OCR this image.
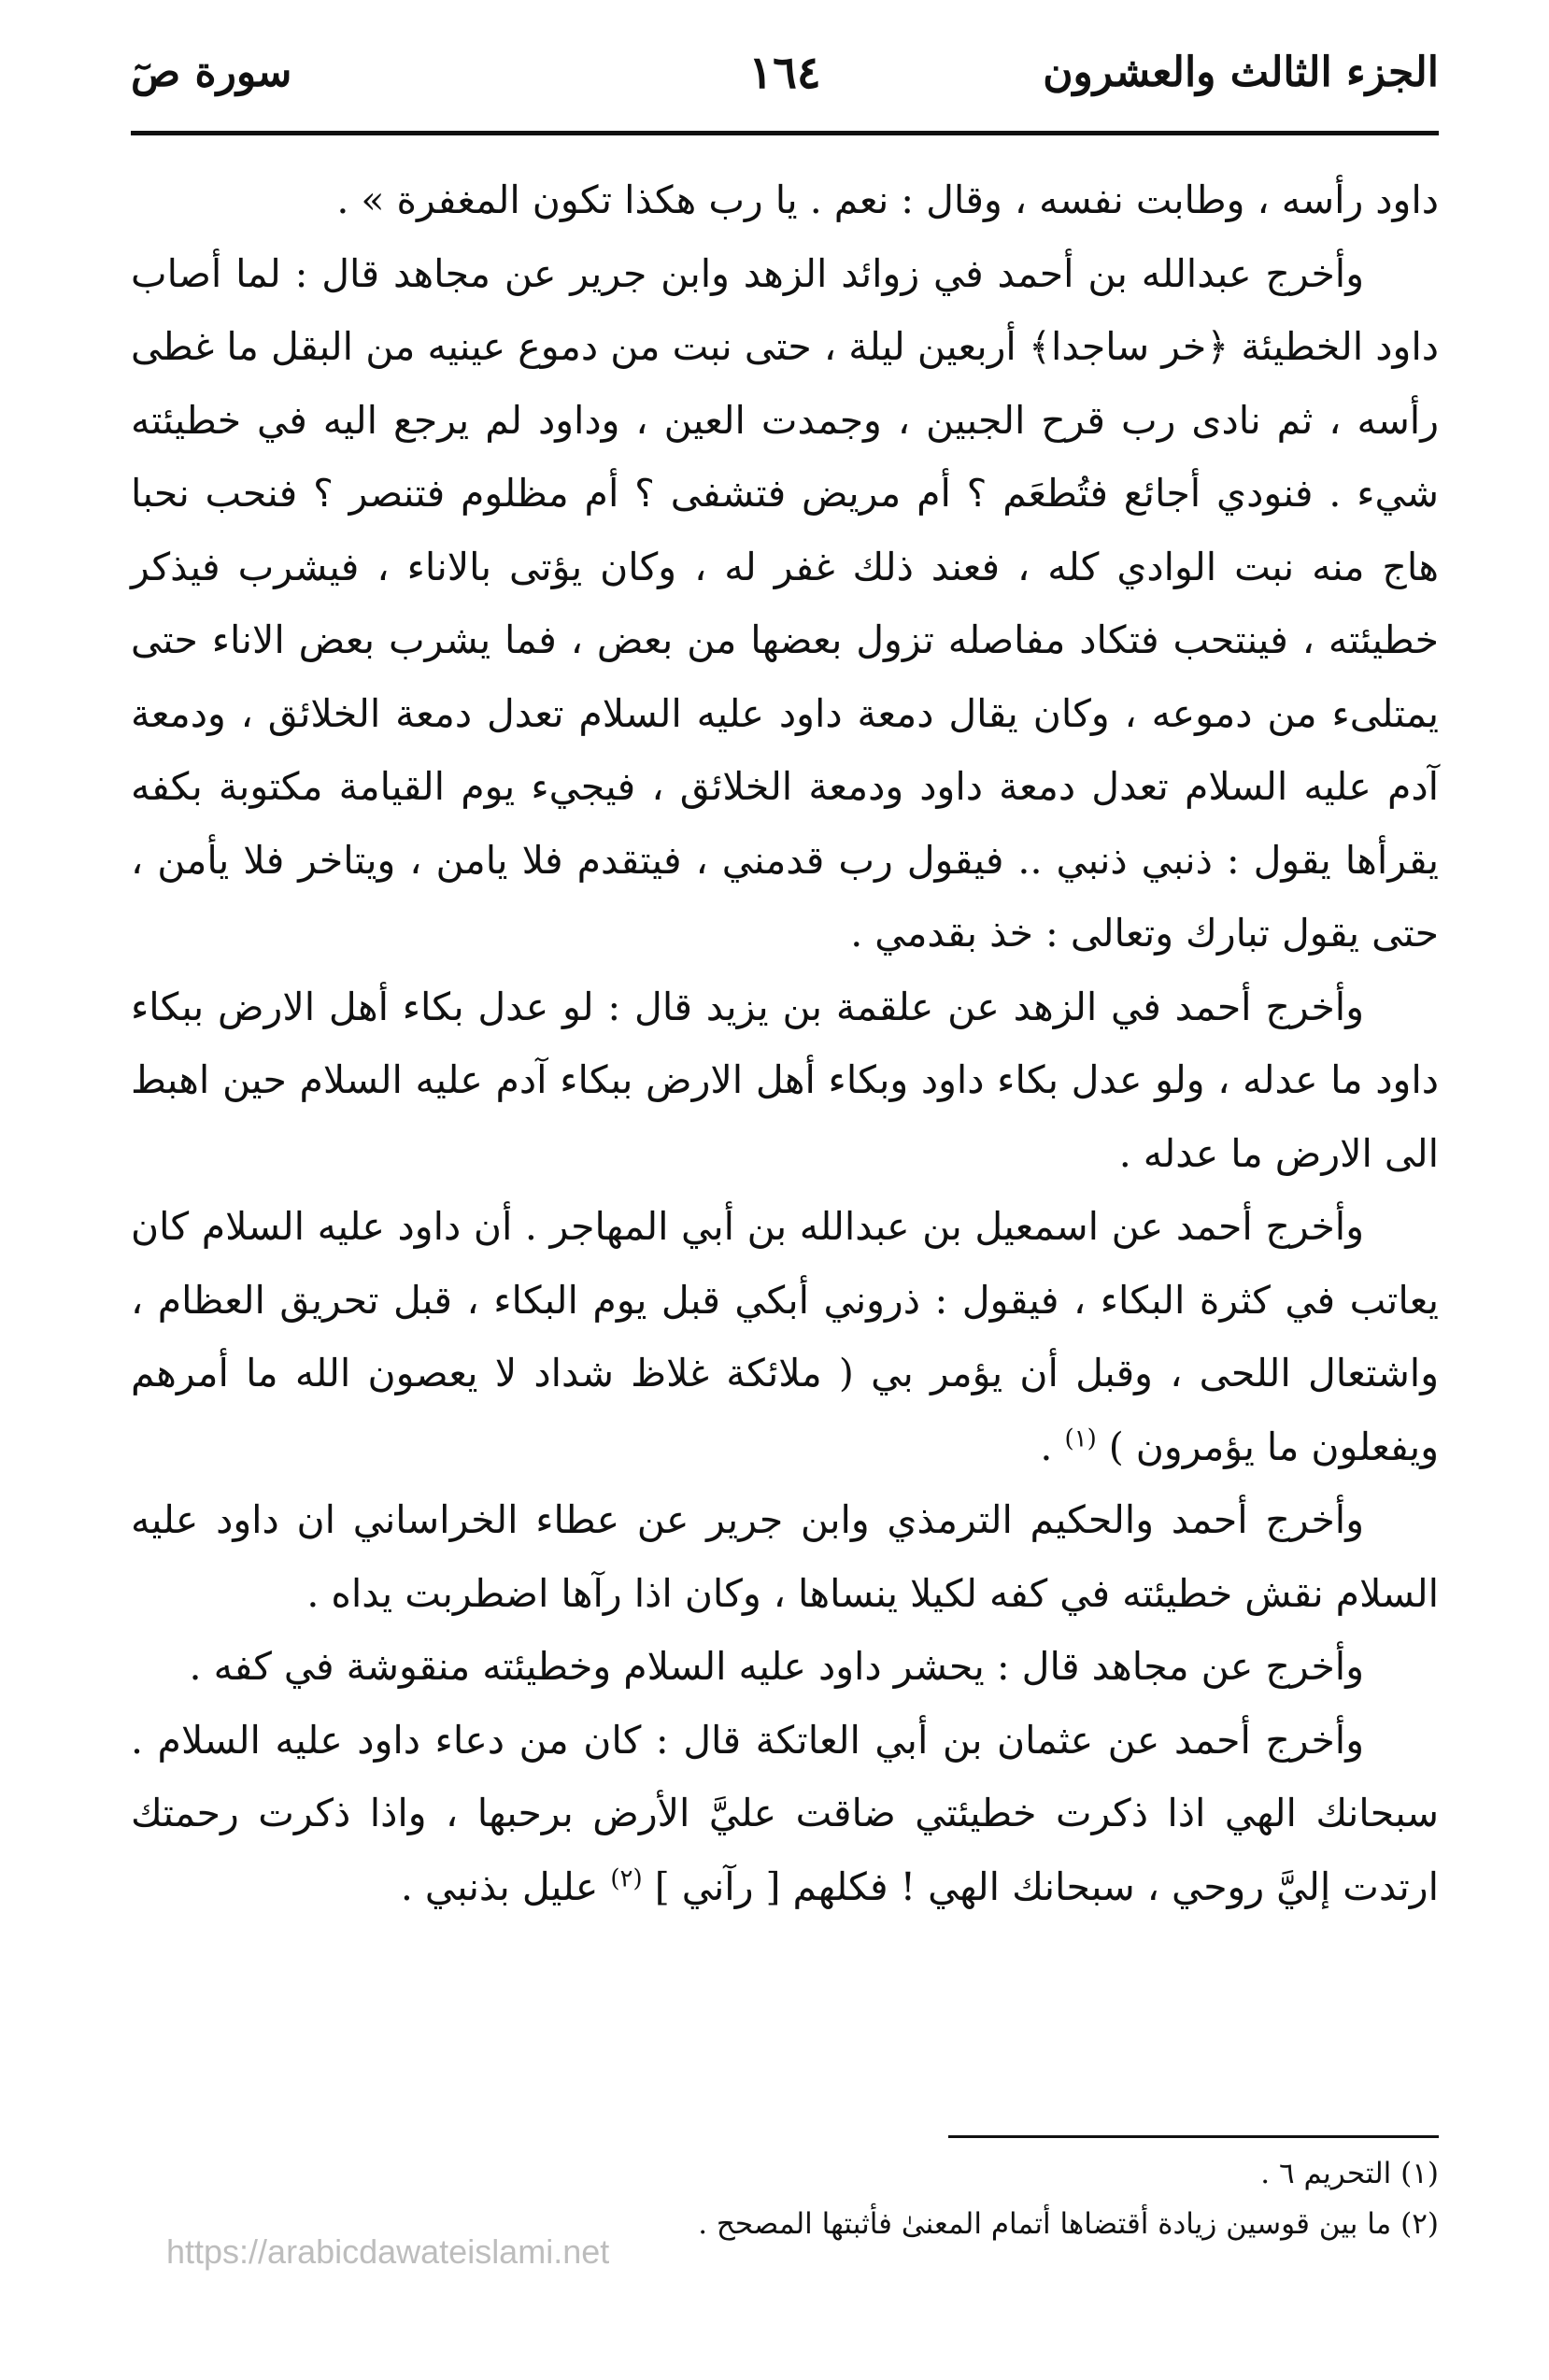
الجزء الثالث والعشرون
١٦٤
سورة صٓ

داود رأسه ، وطابت نفسه ، وقال : نعم . يا رب هكذا تكون المغفرة » .

وأخرج عبدالله بن أحمد في زوائد الزهد وابن جرير عن مجاهد قال : لما أصاب داود الخطيئة ﴿خر ساجدا﴾ أربعين ليلة ، حتى نبت من دموع عينيه من البقل ما غطى رأسه ، ثم نادى رب قرح الجبين ، وجمدت العين ، وداود لم يرجع اليه في خطيئته شيء . فنودي أجائع فتُطعَم ؟ أم مريض فتشفى ؟ أم مظلوم فتنصر ؟ فنحب نحبا هاج منه نبت الوادي كله ، فعند ذلك غفر له ، وكان يؤتى بالاناء ، فيشرب فيذكر خطيئته ، فينتحب فتكاد مفاصله تزول بعضها من بعض ، فما يشرب بعض الاناء حتى يمتلىء من دموعه ، وكان يقال دمعة داود عليه السلام تعدل دمعة الخلائق ، ودمعة آدم عليه السلام تعدل دمعة داود ودمعة الخلائق ، فيجيء يوم القيامة مكتوبة بكفه يقرأها يقول : ذنبي ذنبي .. فيقول رب قدمني ، فيتقدم فلا يامن ، ويتاخر فلا يأمن ، حتى يقول تبارك وتعالى : خذ بقدمي .

وأخرج أحمد في الزهد عن علقمة بن يزيد قال : لو عدل بكاء أهل الارض ببكاء داود ما عدله ، ولو عدل بكاء داود وبكاء أهل الارض ببكاء آدم عليه السلام حين اهبط الى الارض ما عدله .

وأخرج أحمد عن اسمعيل بن عبدالله بن أبي المهاجر . أن داود عليه السلام كان يعاتب في كثرة البكاء ، فيقول : ذروني أبكي قبل يوم البكاء ، قبل تحريق العظام ، واشتعال اللحى ، وقبل أن يؤمر بي ( ملائكة غلاظ شداد لا يعصون الله ما أمرهم ويفعلون ما يؤمرون ) $^{(١)}$ .

وأخرج أحمد والحكيم الترمذي وابن جرير عن عطاء الخراساني ان داود عليه السلام نقش خطيئته في كفه لكيلا ينساها ، وكان اذا رآها اضطربت يداه .

وأخرج عن مجاهد قال : يحشر داود عليه السلام وخطيئته منقوشة في كفه .

وأخرج أحمد عن عثمان بن أبي العاتكة قال : كان من دعاء داود عليه السلام . سبحانك الهي اذا ذكرت خطيئتي ضاقت عليَّ الأرض برحبها ، واذا ذكرت رحمتك ارتدت إليَّ روحي ، سبحانك الهي ! فكلهم [ رآني ] $^{(٢)}$ عليل بذنبي .

(١) التحريم ٦ .

(٢) ما بين قوسين زيادة أقتضاها أتمام المعنىٰ فأثبتها المصحح .

https://arabicdawateislami.net
